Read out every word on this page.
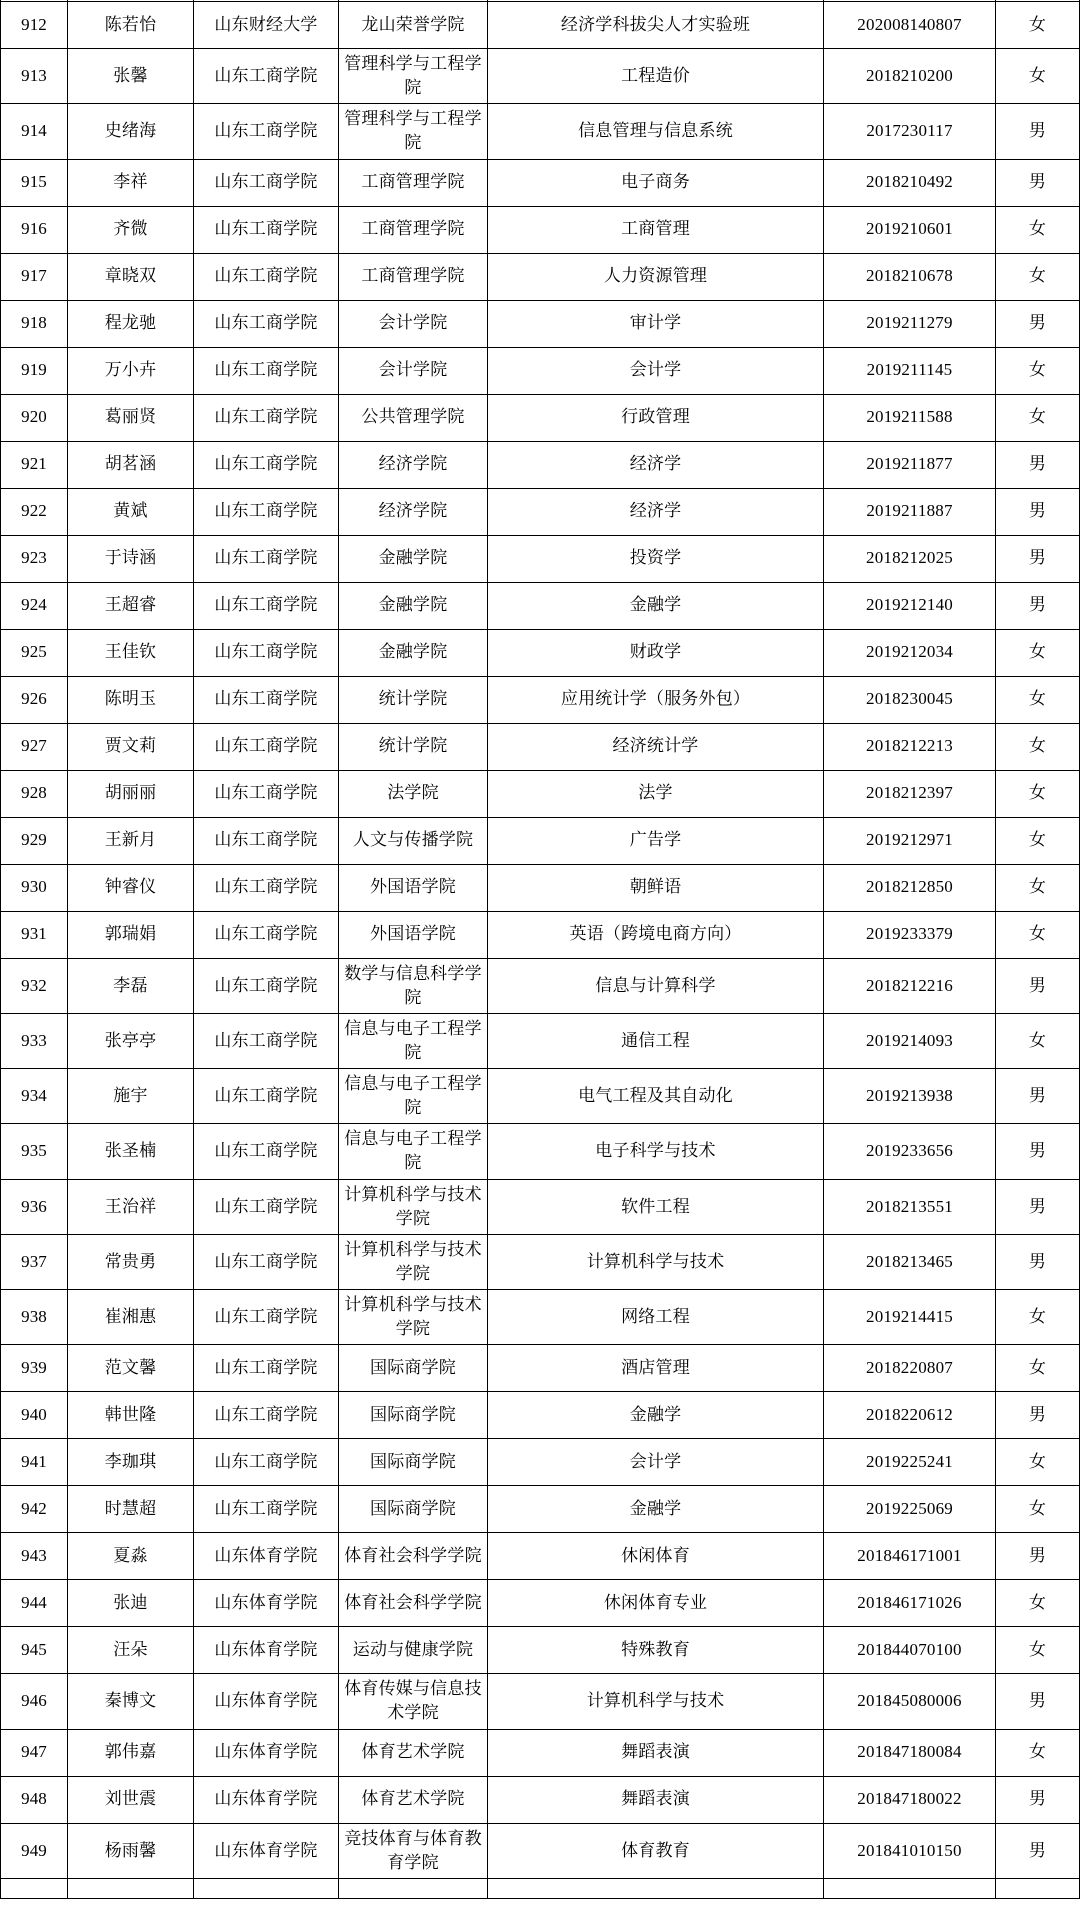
912	陈若怡	山东财经大学	龙山荣誉学院	经济学科拔尖人才实验班	202008140807	女
913	张馨	山东工商学院	管理科学与工程学院	工程造价	2018210200	女
914	史绪海	山东工商学院	管理科学与工程学院	信息管理与信息系统	2017230117	男
915	李祥	山东工商学院	工商管理学院	电子商务	2018210492	男
916	齐微	山东工商学院	工商管理学院	工商管理	2019210601	女
917	章晓双	山东工商学院	工商管理学院	人力资源管理	2018210678	女
918	程龙驰	山东工商学院	会计学院	审计学	2019211279	男
919	万小卉	山东工商学院	会计学院	会计学	2019211145	女
920	葛丽贤	山东工商学院	公共管理学院	行政管理	2019211588	女
921	胡茗涵	山东工商学院	经济学院	经济学	2019211877	男
922	黄斌	山东工商学院	经济学院	经济学	2019211887	男
923	于诗涵	山东工商学院	金融学院	投资学	2018212025	男
924	王超睿	山东工商学院	金融学院	金融学	2019212140	男
925	王佳钦	山东工商学院	金融学院	财政学	2019212034	女
926	陈明玉	山东工商学院	统计学院	应用统计学（服务外包）	2018230045	女
927	贾文莉	山东工商学院	统计学院	经济统计学	2018212213	女
928	胡丽丽	山东工商学院	法学院	法学	2018212397	女
929	王新月	山东工商学院	人文与传播学院	广告学	2019212971	女
930	钟睿仪	山东工商学院	外国语学院	朝鲜语	2018212850	女
931	郭瑞娟	山东工商学院	外国语学院	英语（跨境电商方向）	2019233379	女
932	李磊	山东工商学院	数学与信息科学学院	信息与计算科学	2018212216	男
933	张亭亭	山东工商学院	信息与电子工程学院	通信工程	2019214093	女
934	施宇	山东工商学院	信息与电子工程学院	电气工程及其自动化	2019213938	男
935	张圣楠	山东工商学院	信息与电子工程学院	电子科学与技术	2019233656	男
936	王治祥	山东工商学院	计算机科学与技术学院	软件工程	2018213551	男
937	常贵勇	山东工商学院	计算机科学与技术学院	计算机科学与技术	2018213465	男
938	崔湘惠	山东工商学院	计算机科学与技术学院	网络工程	2019214415	女
939	范文馨	山东工商学院	国际商学院	酒店管理	2018220807	女
940	韩世隆	山东工商学院	国际商学院	金融学	2018220612	男
941	李珈琪	山东工商学院	国际商学院	会计学	2019225241	女
942	时慧超	山东工商学院	国际商学院	金融学	2019225069	女
943	夏淼	山东体育学院	体育社会科学学院	休闲体育	201846171001	男
944	张迪	山东体育学院	体育社会科学学院	休闲体育专业	201846171026	女
945	汪朵	山东体育学院	运动与健康学院	特殊教育	201844070100	女
946	秦博文	山东体育学院	体育传媒与信息技术学院	计算机科学与技术	201845080006	男
947	郭伟嘉	山东体育学院	体育艺术学院	舞蹈表演	201847180084	女
948	刘世震	山东体育学院	体育艺术学院	舞蹈表演	201847180022	男
949	杨雨馨	山东体育学院	竞技体育与体育教育学院	体育教育	201841010150	男
